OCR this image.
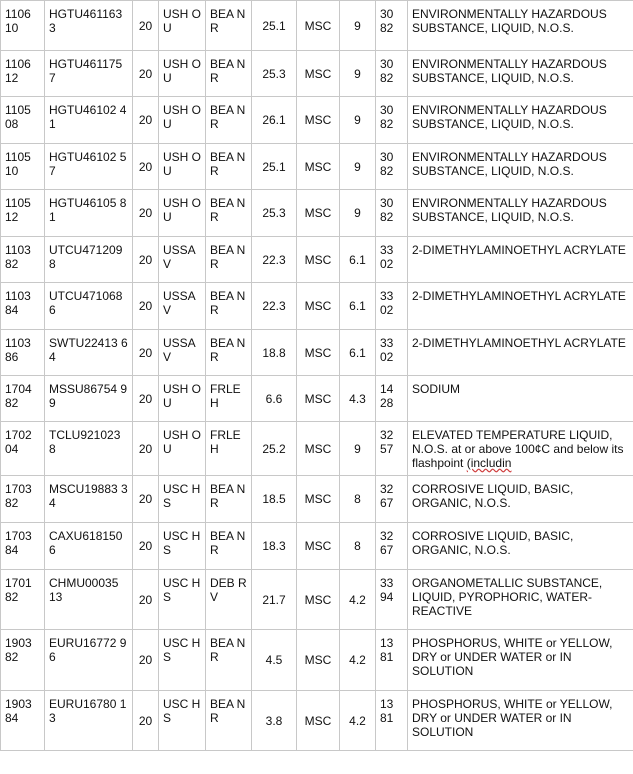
1106 10	HGTU461163 3	20	USH OU	BEA NR	25.1	MSC	9	30 82	ENVIRONMENTALLY HAZARDOUS SUBSTANCE, LIQUID, N.O.S.
1106 12	HGTU461175 7	20	USH OU	BEA NR	25.3	MSC	9	30 82	ENVIRONMENTALLY HAZARDOUS SUBSTANCE, LIQUID, N.O.S.
1105 08	HGTU46102 41	20	USH OU	BEA NR	26.1	MSC	9	30 82	ENVIRONMENTALLY HAZARDOUS SUBSTANCE, LIQUID, N.O.S.
1105 10	HGTU46102 57	20	USH OU	BEA NR	25.1	MSC	9	30 82	ENVIRONMENTALLY HAZARDOUS SUBSTANCE, LIQUID, N.O.S.
1105 12	HGTU46105 81	20	USH OU	BEA NR	25.3	MSC	9	30 82	ENVIRONMENTALLY HAZARDOUS SUBSTANCE, LIQUID, N.O.S.
1103 82	UTCU471209 8	20	USSA V	BEA NR	22.3	MSC	6.1	33 02	2-DIMETHYLAMINOETHYL ACRYLATE
1103 84	UTCU471068 6	20	USSA V	BEA NR	22.3	MSC	6.1	33 02	2-DIMETHYLAMINOETHYL ACRYLATE
1103 86	SWTU22413 64	20	USSA V	BEA NR	18.8	MSC	6.1	33 02	2-DIMETHYLAMINOETHYL ACRYLATE
1704 82	MSSU86754 99	20	USH OU	FRLE H	6.6	MSC	4.3	14 28	SODIUM
1702 04	TCLU921023 8	20	USH OU	FRLE H	25.2	MSC	9	32 57	ELEVATED TEMPERATURE LIQUID, N.O.S. at or above 100¢C and below its flashpoint (includin
1703 82	MSCU19883 34	20	USC HS	BEA NR	18.5	MSC	8	32 67	CORROSIVE LIQUID, BASIC, ORGANIC, N.O.S.
1703 84	CAXU618150 6	20	USC HS	BEA NR	18.3	MSC	8	32 67	CORROSIVE LIQUID, BASIC, ORGANIC, N.O.S.
1701 82	CHMU00035 13	20	USC HS	DEB RV	21.7	MSC	4.2	33 94	ORGANOMETALLIC SUBSTANCE, LIQUID, PYROPHORIC, WATER-REACTIVE
1903 82	EURU16772 96	20	USC HS	BEA NR	4.5	MSC	4.2	13 81	PHOSPHORUS, WHITE or YELLOW, DRY or UNDER WATER or IN SOLUTION
1903 84	EURU16780 13	20	USC HS	BEA NR	3.8	MSC	4.2	13 81	PHOSPHORUS, WHITE or YELLOW, DRY or UNDER WATER or IN SOLUTION
